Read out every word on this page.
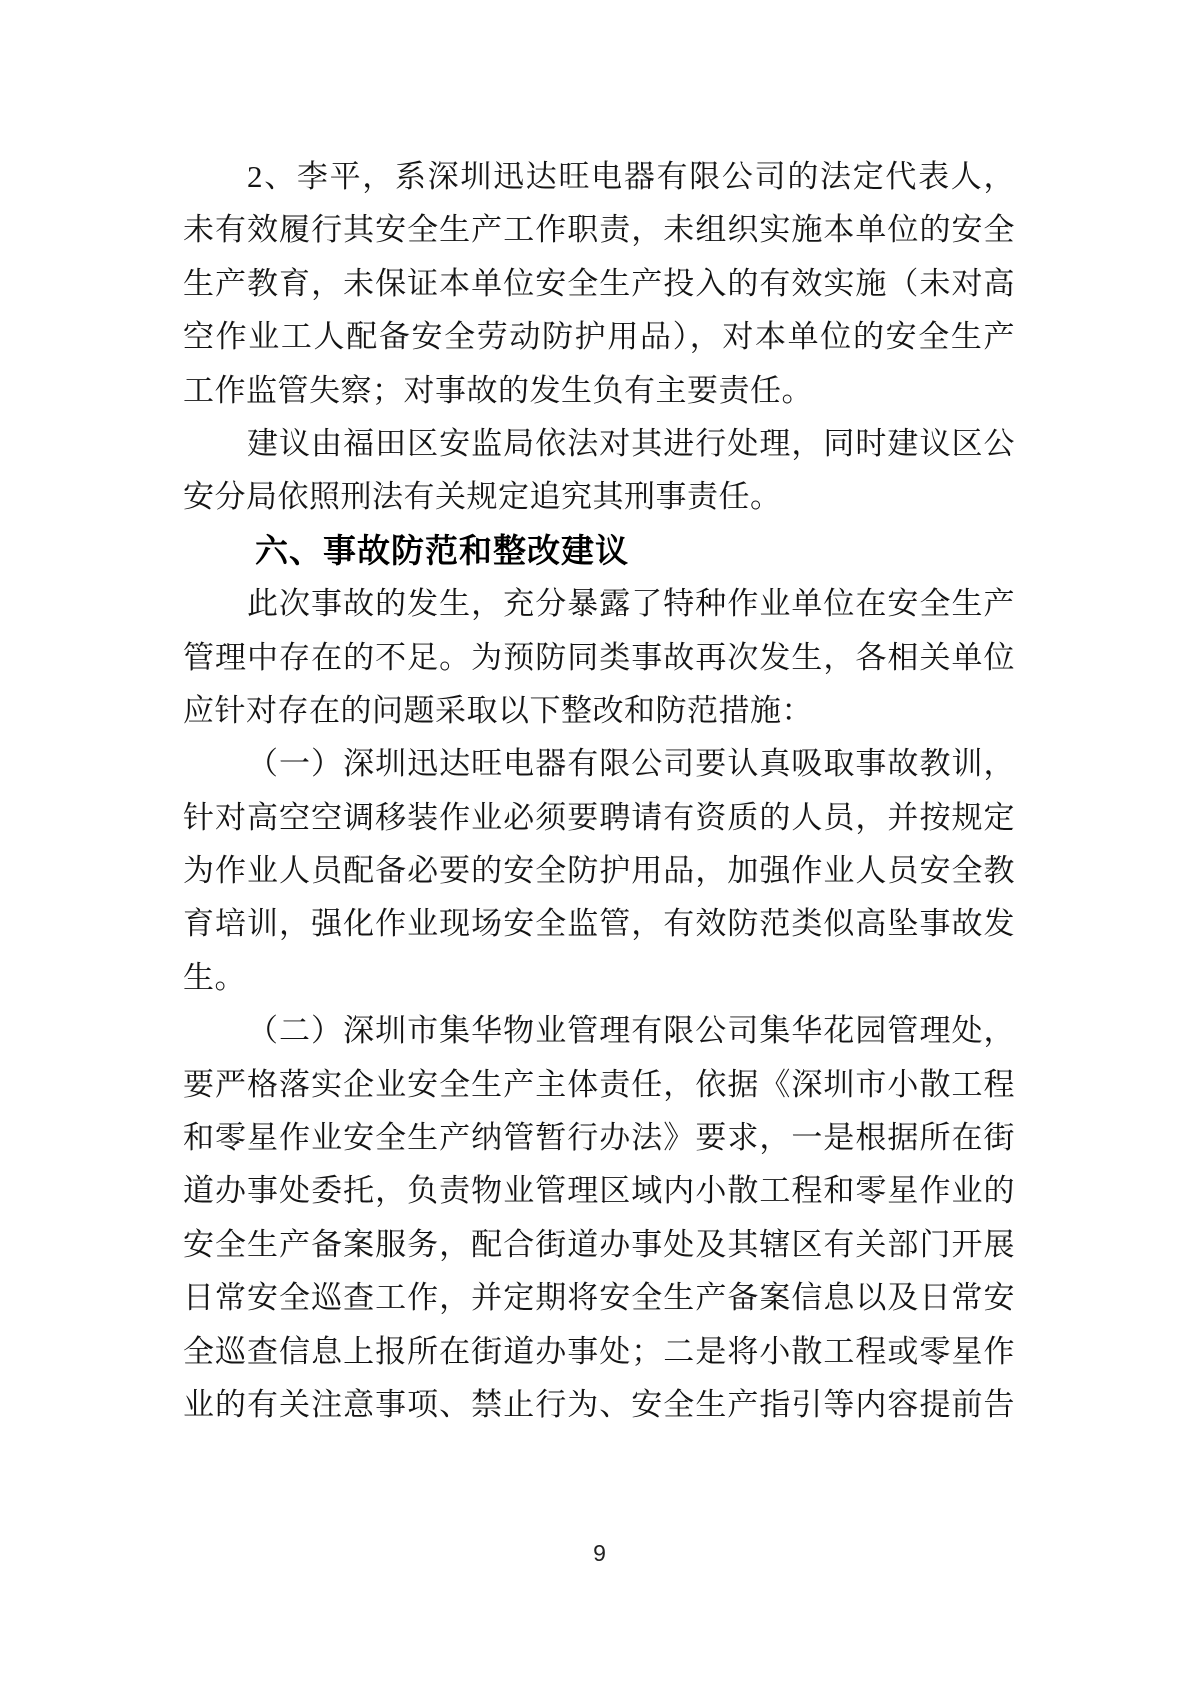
2、李平，系深圳迅达旺电器有限公司的法定代表人，
未有效履行其安全生产工作职责，未组织实施本单位的安全
生产教育，未保证本单位安全生产投入的有效实施（未对高
空作业工人配备安全劳动防护用品），对本单位的安全生产
工作监管失察；对事故的发生负有主要责任。
建议由福田区安监局依法对其进行处理，同时建议区公
安分局依照刑法有关规定追究其刑事责任。
六、事故防范和整改建议
此次事故的发生，充分暴露了特种作业单位在安全生产
管理中存在的不足。为预防同类事故再次发生，各相关单位
应针对存在的问题采取以下整改和防范措施：
（一）深圳迅达旺电器有限公司要认真吸取事故教训，
针对高空空调移装作业必须要聘请有资质的人员，并按规定
为作业人员配备必要的安全防护用品，加强作业人员安全教
育培训，强化作业现场安全监管，有效防范类似高坠事故发
生。
（二）深圳市集华物业管理有限公司集华花园管理处，
要严格落实企业安全生产主体责任，依据《深圳市小散工程
和零星作业安全生产纳管暂行办法》要求，一是根据所在街
道办事处委托，负责物业管理区域内小散工程和零星作业的
安全生产备案服务，配合街道办事处及其辖区有关部门开展
日常安全巡查工作，并定期将安全生产备案信息以及日常安
全巡查信息上报所在街道办事处；二是将小散工程或零星作
业的有关注意事项、禁止行为、安全生产指引等内容提前告
9
